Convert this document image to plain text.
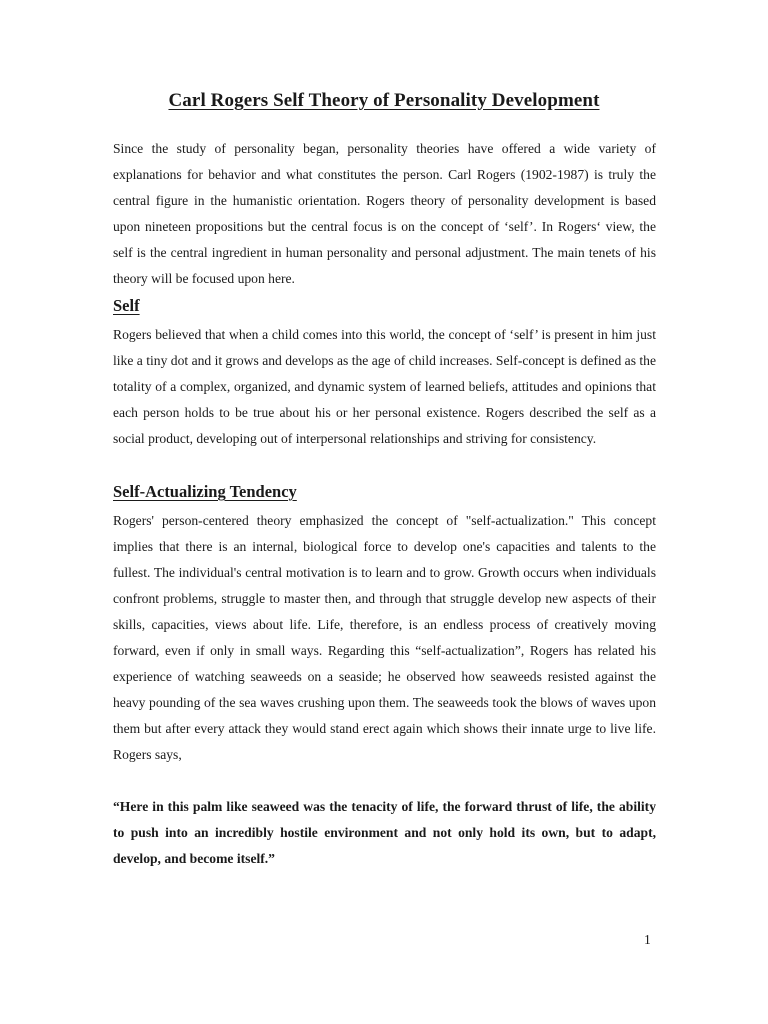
Carl Rogers Self Theory of Personality Development

Since the study of personality began, personality theories have offered a wide variety of explanations for behavior and what constitutes the person. Carl Rogers (1902-1987) is truly the central figure in the humanistic orientation. Rogers theory of personality development is based upon nineteen propositions but the central focus is on the concept of ‘self’. In Rogers‘ view, the self is the central ingredient in human personality and personal adjustment. The main tenets of his theory will be focused upon here.

Self

Rogers believed that when a child comes into this world, the concept of ‘self’ is present in him just like a tiny dot and it grows and develops as the age of child increases. Self-concept is defined as the totality of a complex, organized, and dynamic system of learned beliefs, attitudes and opinions that each person holds to be true about his or her personal existence. Rogers described the self as a social product, developing out of interpersonal relationships and striving for consistency.

Self-Actualizing Tendency

Rogers' person-centered theory emphasized the concept of "self-actualization." This concept implies that there is an internal, biological force to develop one's capacities and talents to the fullest. The individual's central motivation is to learn and to grow. Growth occurs when individuals confront problems, struggle to master then, and through that struggle develop new aspects of their skills, capacities, views about life. Life, therefore, is an endless process of creatively moving forward, even if only in small ways. Regarding this “self-actualization”, Rogers has related his experience of watching seaweeds on a seaside; he observed how seaweeds resisted against the heavy pounding of the sea waves crushing upon them. The seaweeds took the blows of waves upon them but after every attack they would stand erect again which shows their innate urge to live life. Rogers says,

“Here in this palm like seaweed was the tenacity of life, the forward thrust of life, the ability to push into an incredibly hostile environment and not only hold its own, but to adapt, develop, and become itself.”

1
